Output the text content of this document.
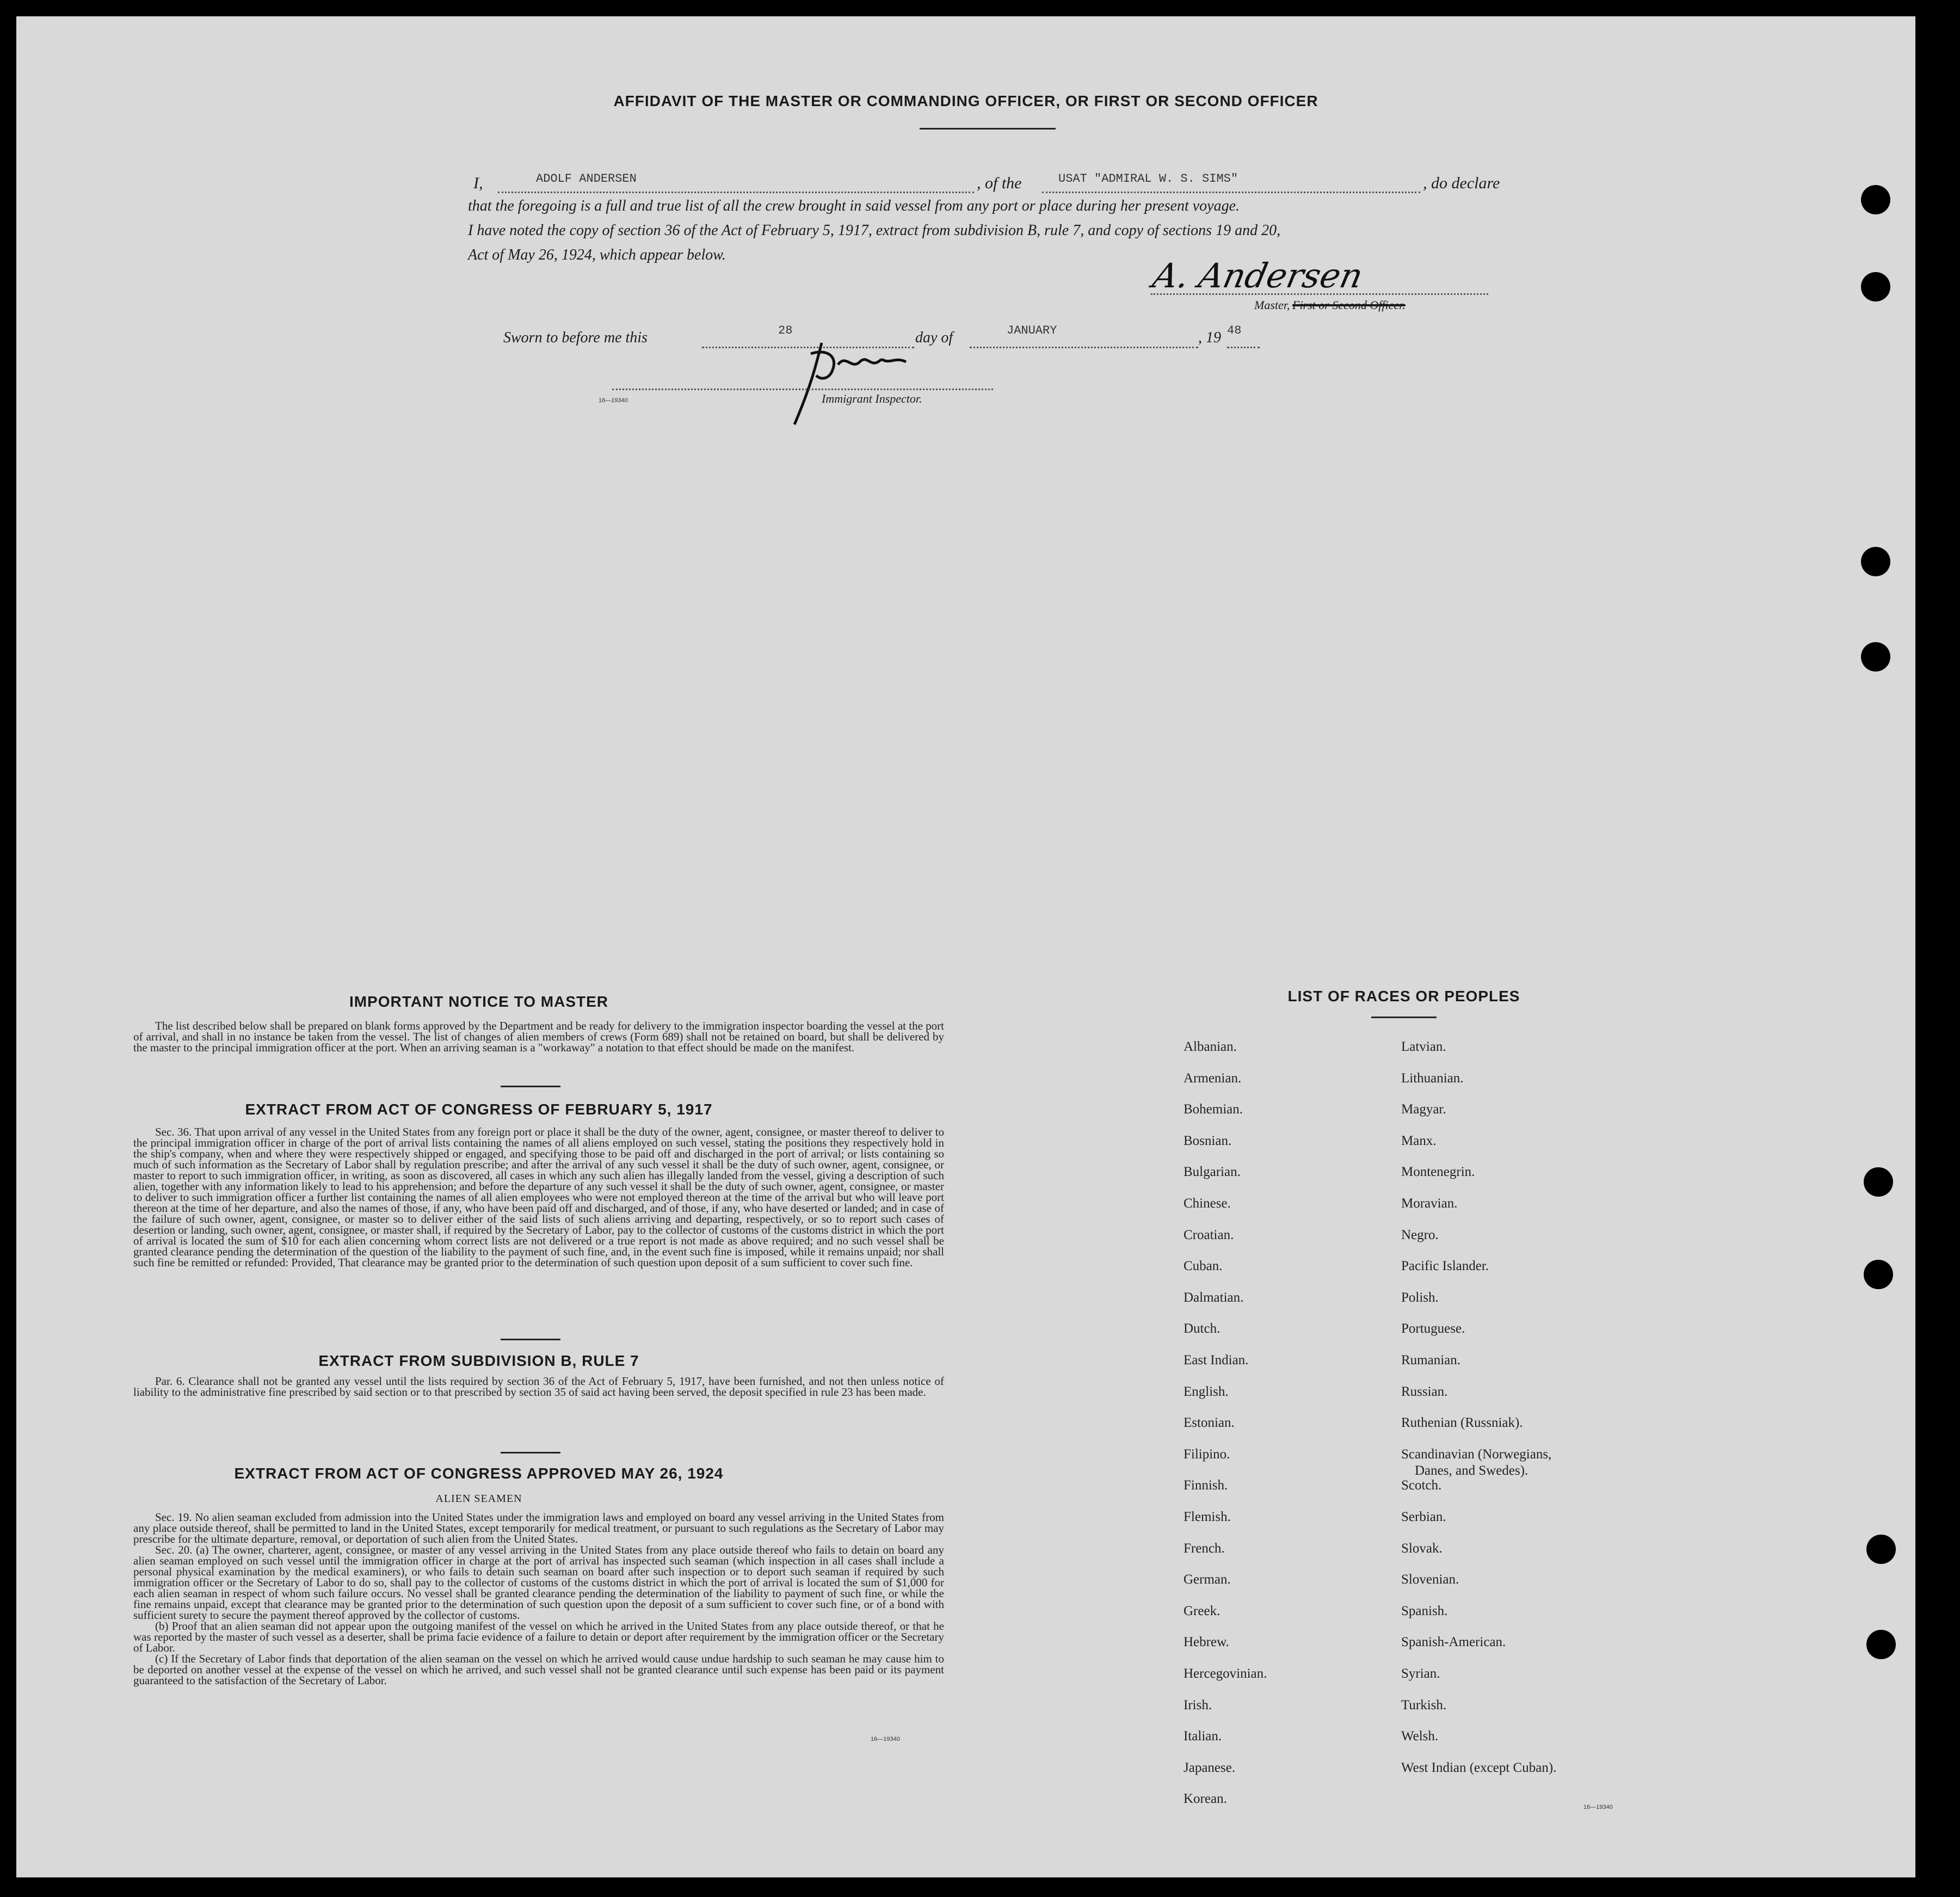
AFFIDAVIT OF THE MASTER OR COMMANDING OFFICER, OR FIRST OR SECOND OFFICER
I,	ADOLF ANDERSEN	, of the	USAT "ADMIRAL W. S. SIMS"	, do declare
that the foregoing is a full and true list of all the crew brought in said vessel from any port or place during her present voyage.
I have noted the copy of section 36 of the Act of February 5, 1917, extract from subdivision B, rule 7, and copy of sections 19 and 20,
Act of May 26, 1924, which appear below.
A. Andersen
Master, First or Second Officer.
Sworn to before me this	28	day of	JANUARY	, 19 48
16—19340	Immigrant Inspector.
IMPORTANT NOTICE TO MASTER
The list described below shall be prepared on blank forms approved by the Department and be ready for delivery to the immigration inspector boarding the vessel at the port of arrival, and shall in no instance be taken from the vessel. The list of changes of alien members of crews (Form 689) shall not be retained on board, but shall be delivered by the master to the principal immigration officer at the port. When an arriving seaman is a "workaway" a notation to that effect should be made on the manifest.
EXTRACT FROM ACT OF CONGRESS OF FEBRUARY 5, 1917
Sec. 36. That upon arrival of any vessel in the United States from any foreign port or place it shall be the duty of the owner, agent, consignee, or master thereof to deliver to the principal immigration officer in charge of the port of arrival lists containing the names of all aliens employed on such vessel, stating the positions they respectively hold in the ship's company, when and where they were respectively shipped or engaged, and specifying those to be paid off and discharged in the port of arrival; or lists containing so much of such information as the Secretary of Labor shall by regulation prescribe; and after the arrival of any such vessel it shall be the duty of such owner, agent, consignee, or master to report to such immigration officer, in writing, as soon as discovered, all cases in which any such alien has illegally landed from the vessel, giving a description of such alien, together with any information likely to lead to his apprehension; and before the departure of any such vessel it shall be the duty of such owner, agent, consignee, or master to deliver to such immigration officer a further list containing the names of all alien employees who were not employed thereon at the time of the arrival but who will leave port thereon at the time of her departure, and also the names of those, if any, who have been paid off and discharged, and of those, if any, who have deserted or landed; and in case of the failure of such owner, agent, consignee, or master so to deliver either of the said lists of such aliens arriving and departing, respectively, or so to report such cases of desertion or landing, such owner, agent, consignee, or master shall, if required by the Secretary of Labor, pay to the collector of customs of the customs district in which the port of arrival is located the sum of $10 for each alien concerning whom correct lists are not delivered or a true report is not made as above required; and no such vessel shall be granted clearance pending the determination of the question of the liability to the payment of such fine, and, in the event such fine is imposed, while it remains unpaid; nor shall such fine be remitted or refunded: Provided, That clearance may be granted prior to the determination of such question upon deposit of a sum sufficient to cover such fine.
EXTRACT FROM SUBDIVISION B, RULE 7
Par. 6. Clearance shall not be granted any vessel until the lists required by section 36 of the Act of February 5, 1917, have been furnished, and not then unless notice of liability to the administrative fine prescribed by said section or to that prescribed by section 35 of said act having been served, the deposit specified in rule 23 has been made.
EXTRACT FROM ACT OF CONGRESS APPROVED MAY 26, 1924
ALIEN SEAMEN
Sec. 19. No alien seaman excluded from admission into the United States under the immigration laws and employed on board any vessel arriving in the United States from any place outside thereof, shall be permitted to land in the United States, except temporarily for medical treatment, or pursuant to such regulations as the Secretary of Labor may prescribe for the ultimate departure, removal, or deportation of such alien from the United States.
Sec. 20. (a) The owner, charterer, agent, consignee, or master of any vessel arriving in the United States from any place outside thereof who fails to detain on board any alien seaman employed on such vessel until the immigration officer in charge at the port of arrival has inspected such seaman (which inspection in all cases shall include a personal physical examination by the medical examiners), or who fails to detain such seaman on board after such inspection or to deport such seaman if required by such immigration officer or the Secretary of Labor to do so, shall pay to the collector of customs of the customs district in which the port of arrival is located the sum of $1,000 for each alien seaman in respect of whom such failure occurs. No vessel shall be granted clearance pending the determination of the liability to payment of such fine, or while the fine remains unpaid, except that clearance may be granted prior to the determination of such question upon the deposit of a sum sufficient to cover such fine, or of a bond with sufficient surety to secure the payment thereof approved by the collector of customs.
(b) Proof that an alien seaman did not appear upon the outgoing manifest of the vessel on which he arrived in the United States from any place outside thereof, or that he was reported by the master of such vessel as a deserter, shall be prima facie evidence of a failure to detain or deport after requirement by the immigration officer or the Secretary of Labor.
(c) If the Secretary of Labor finds that deportation of the alien seaman on the vessel on which he arrived would cause undue hardship to such seaman he may cause him to be deported on another vessel at the expense of the vessel on which he arrived, and such vessel shall not be granted clearance until such expense has been paid or its payment guaranteed to the satisfaction of the Secretary of Labor.
16—19340
LIST OF RACES OR PEOPLES
Albanian.
Armenian.
Bohemian.
Bosnian.
Bulgarian.
Chinese.
Croatian.
Cuban.
Dalmatian.
Dutch.
East Indian.
English.
Estonian.
Filipino.
Finnish.
Flemish.
French.
German.
Greek.
Hebrew.
Hercegovinian.
Irish.
Italian.
Japanese.
Korean.
Latvian.
Lithuanian.
Magyar.
Manx.
Montenegrin.
Moravian.
Negro.
Pacific Islander.
Polish.
Portuguese.
Rumanian.
Russian.
Ruthenian (Russniak).
Scandinavian (Norwegians,
Danes, and Swedes).
Scotch.
Serbian.
Slovak.
Slovenian.
Spanish.
Spanish-American.
Syrian.
Turkish.
Welsh.
West Indian (except Cuban).
16—19340
